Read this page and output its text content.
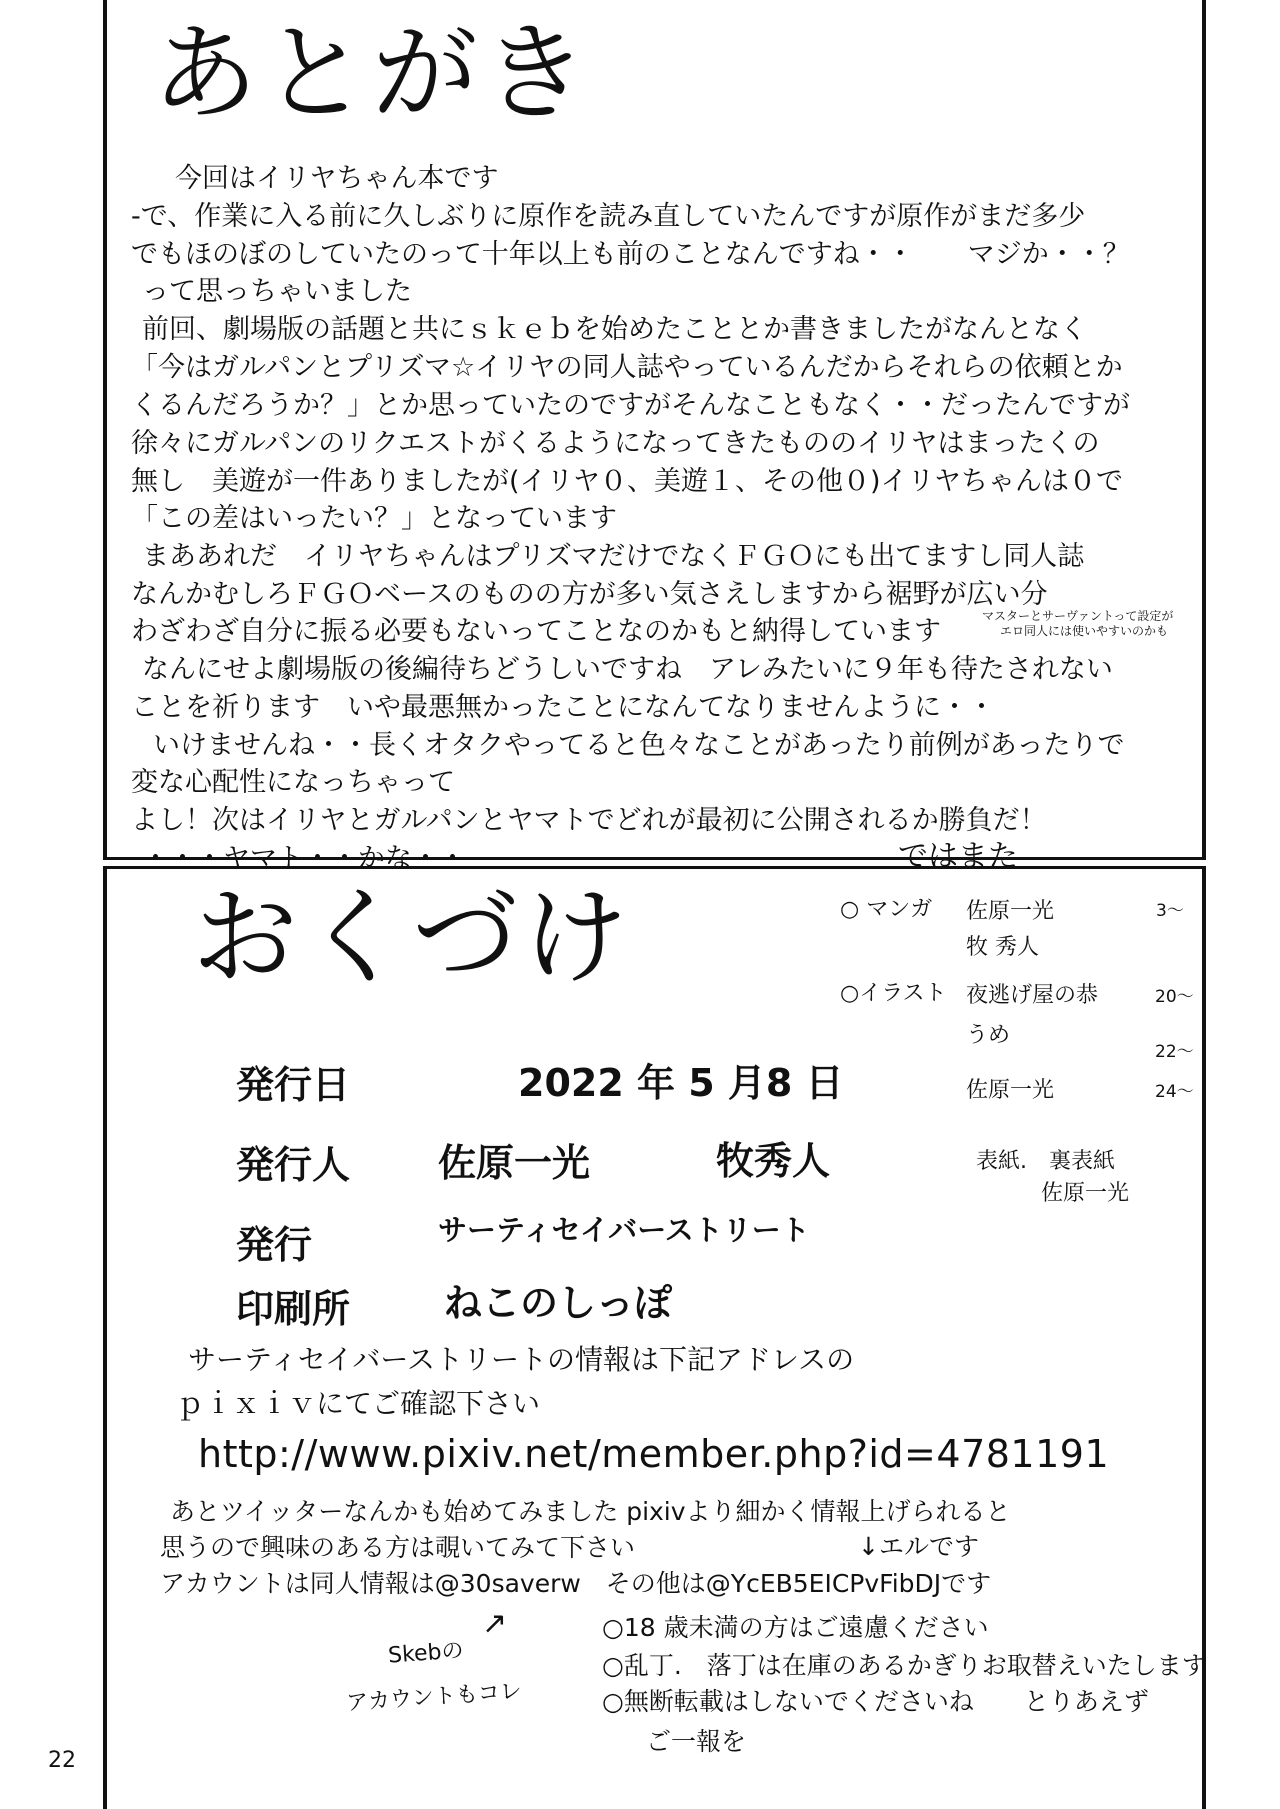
あとがき
　今回はイリヤちゃん本です
-で、作業に入る前に久しぶりに原作を読み直していたんですが原作がまだ多少
でもほのぼのしていたのって十年以上も前のことなんですね・・　　マジか・・？
って思っちゃいました
前回、劇場版の話題と共にｓｋｅｂを始めたこととか書きましたがなんとなく
「今はガルパンとプリズマ☆イリヤの同人誌やっているんだからそれらの依頼とか
くるんだろうか？」とか思っていたのですがそんなこともなく・・だったんですが
徐々にガルパンのリクエストがくるようになってきたもののイリヤはまったくの
無し　美遊が一件ありましたが(イリヤ０、美遊１、その他０)イリヤちゃんは０で
「この差はいったい？」となっています
まああれだ　イリヤちゃんはプリズマだけでなくＦＧＯにも出てますし同人誌
なんかむしろＦＧＯベースのものの方が多い気さえしますから裾野が広い分
わざわざ自分に振る必要もないってことなのかもと納得しています	マスターとサーヴァントって設定が
エロ同人には使いやすいのかも
なんにせよ劇場版の後編待ちどうしいですね　アレみたいに９年も待たされない
ことを祈ります　いや最悪無かったことになんてなりませんように・・
いけませんね・・長くオタクやってると色々なことがあったり前例があったりで
変な心配性になっちゃって
よし！次はイリヤとガルパンとヤマトでどれが最初に公開されるか勝負だ！
・・・ヤマト・・かな・・	ではまた
おくづけ	○ マンガ 佐原一光	3～
牧 秀人
○イラスト 夜逃げ屋の恭	20～
うめ
22～
佐原一光	24～
表紙.　裏表紙
佐原一光
発行日	2022 年 5 月8 日
発行人 佐原一光	牧秀人
発行	サーティセイバーストリート
印刷所 ねこのしっぽ
サーティセイバーストリートの情報は下記アドレスの
ｐｉｘｉｖにてご確認下さい
http://www.pixiv.net/member.php?id=4781191
あとツイッターなんかも始めてみました pixivより細かく情報上げられると
思うので興味のある方は覗いてみて下さい	↓エルです
アカウントは同人情報は@30saverw　その他は@YcEB5EICPvFibDJです
Skebの
↗
アカウントもコレ
○18 歳未満の方はご遠慮ください
○乱丁.　落丁は在庫のあるかぎりお取替えいたします
○無断転載はしないでくださいね　　とりあえず
ご一報を
22
